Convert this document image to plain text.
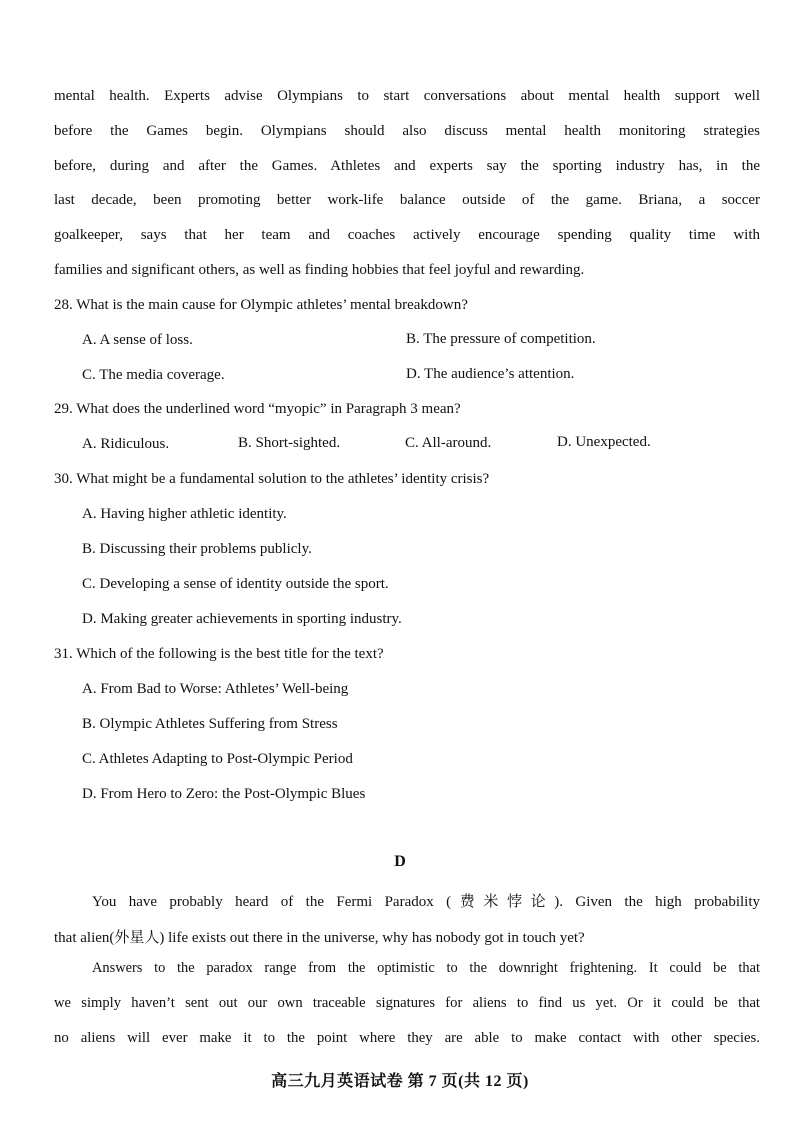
mental health. Experts advise Olympians to start conversations about mental health support well
before the Games begin. Olympians should also discuss mental health monitoring strategies
before, during and after the Games. Athletes and experts say the sporting industry has, in the
last decade, been promoting better work-life balance outside of the game. Briana, a soccer
goalkeeper, says that her team and coaches actively encourage spending quality time with
families and significant others, as well as finding hobbies that feel joyful and rewarding.
28. What is the main cause for Olympic athletes’ mental breakdown?
A. A sense of loss.	B. The pressure of competition.
C. The media coverage.	D. The audience’s attention.
29. What does the underlined word “myopic” in Paragraph 3 mean?
A. Ridiculous.	B. Short-sighted.	C. All-around.	D. Unexpected.
30. What might be a fundamental solution to the athletes’ identity crisis?
A. Having higher athletic identity.
B. Discussing their problems publicly.
C. Developing a sense of identity outside the sport.
D. Making greater achievements in sporting industry.
31. Which of the following is the best title for the text?
A. From Bad to Worse: Athletes’ Well-being
B. Olympic Athletes Suffering from Stress
C. Athletes Adapting to Post-Olympic Period
D. From Hero to Zero: the Post-Olympic Blues
D
You have probably heard of the Fermi Paradox (费米悖论). Given the high probability
that alien(外星人) life exists out there in the universe, why has nobody got in touch yet?
Answers to the paradox range from the optimistic to the downright frightening. It could be that
we simply haven’t sent out our own traceable signatures for aliens to find us yet. Or it could be that
no aliens will ever make it to the point where they are able to make contact with other species.
高三九月英语试卷 第 7 页(共 12 页)
